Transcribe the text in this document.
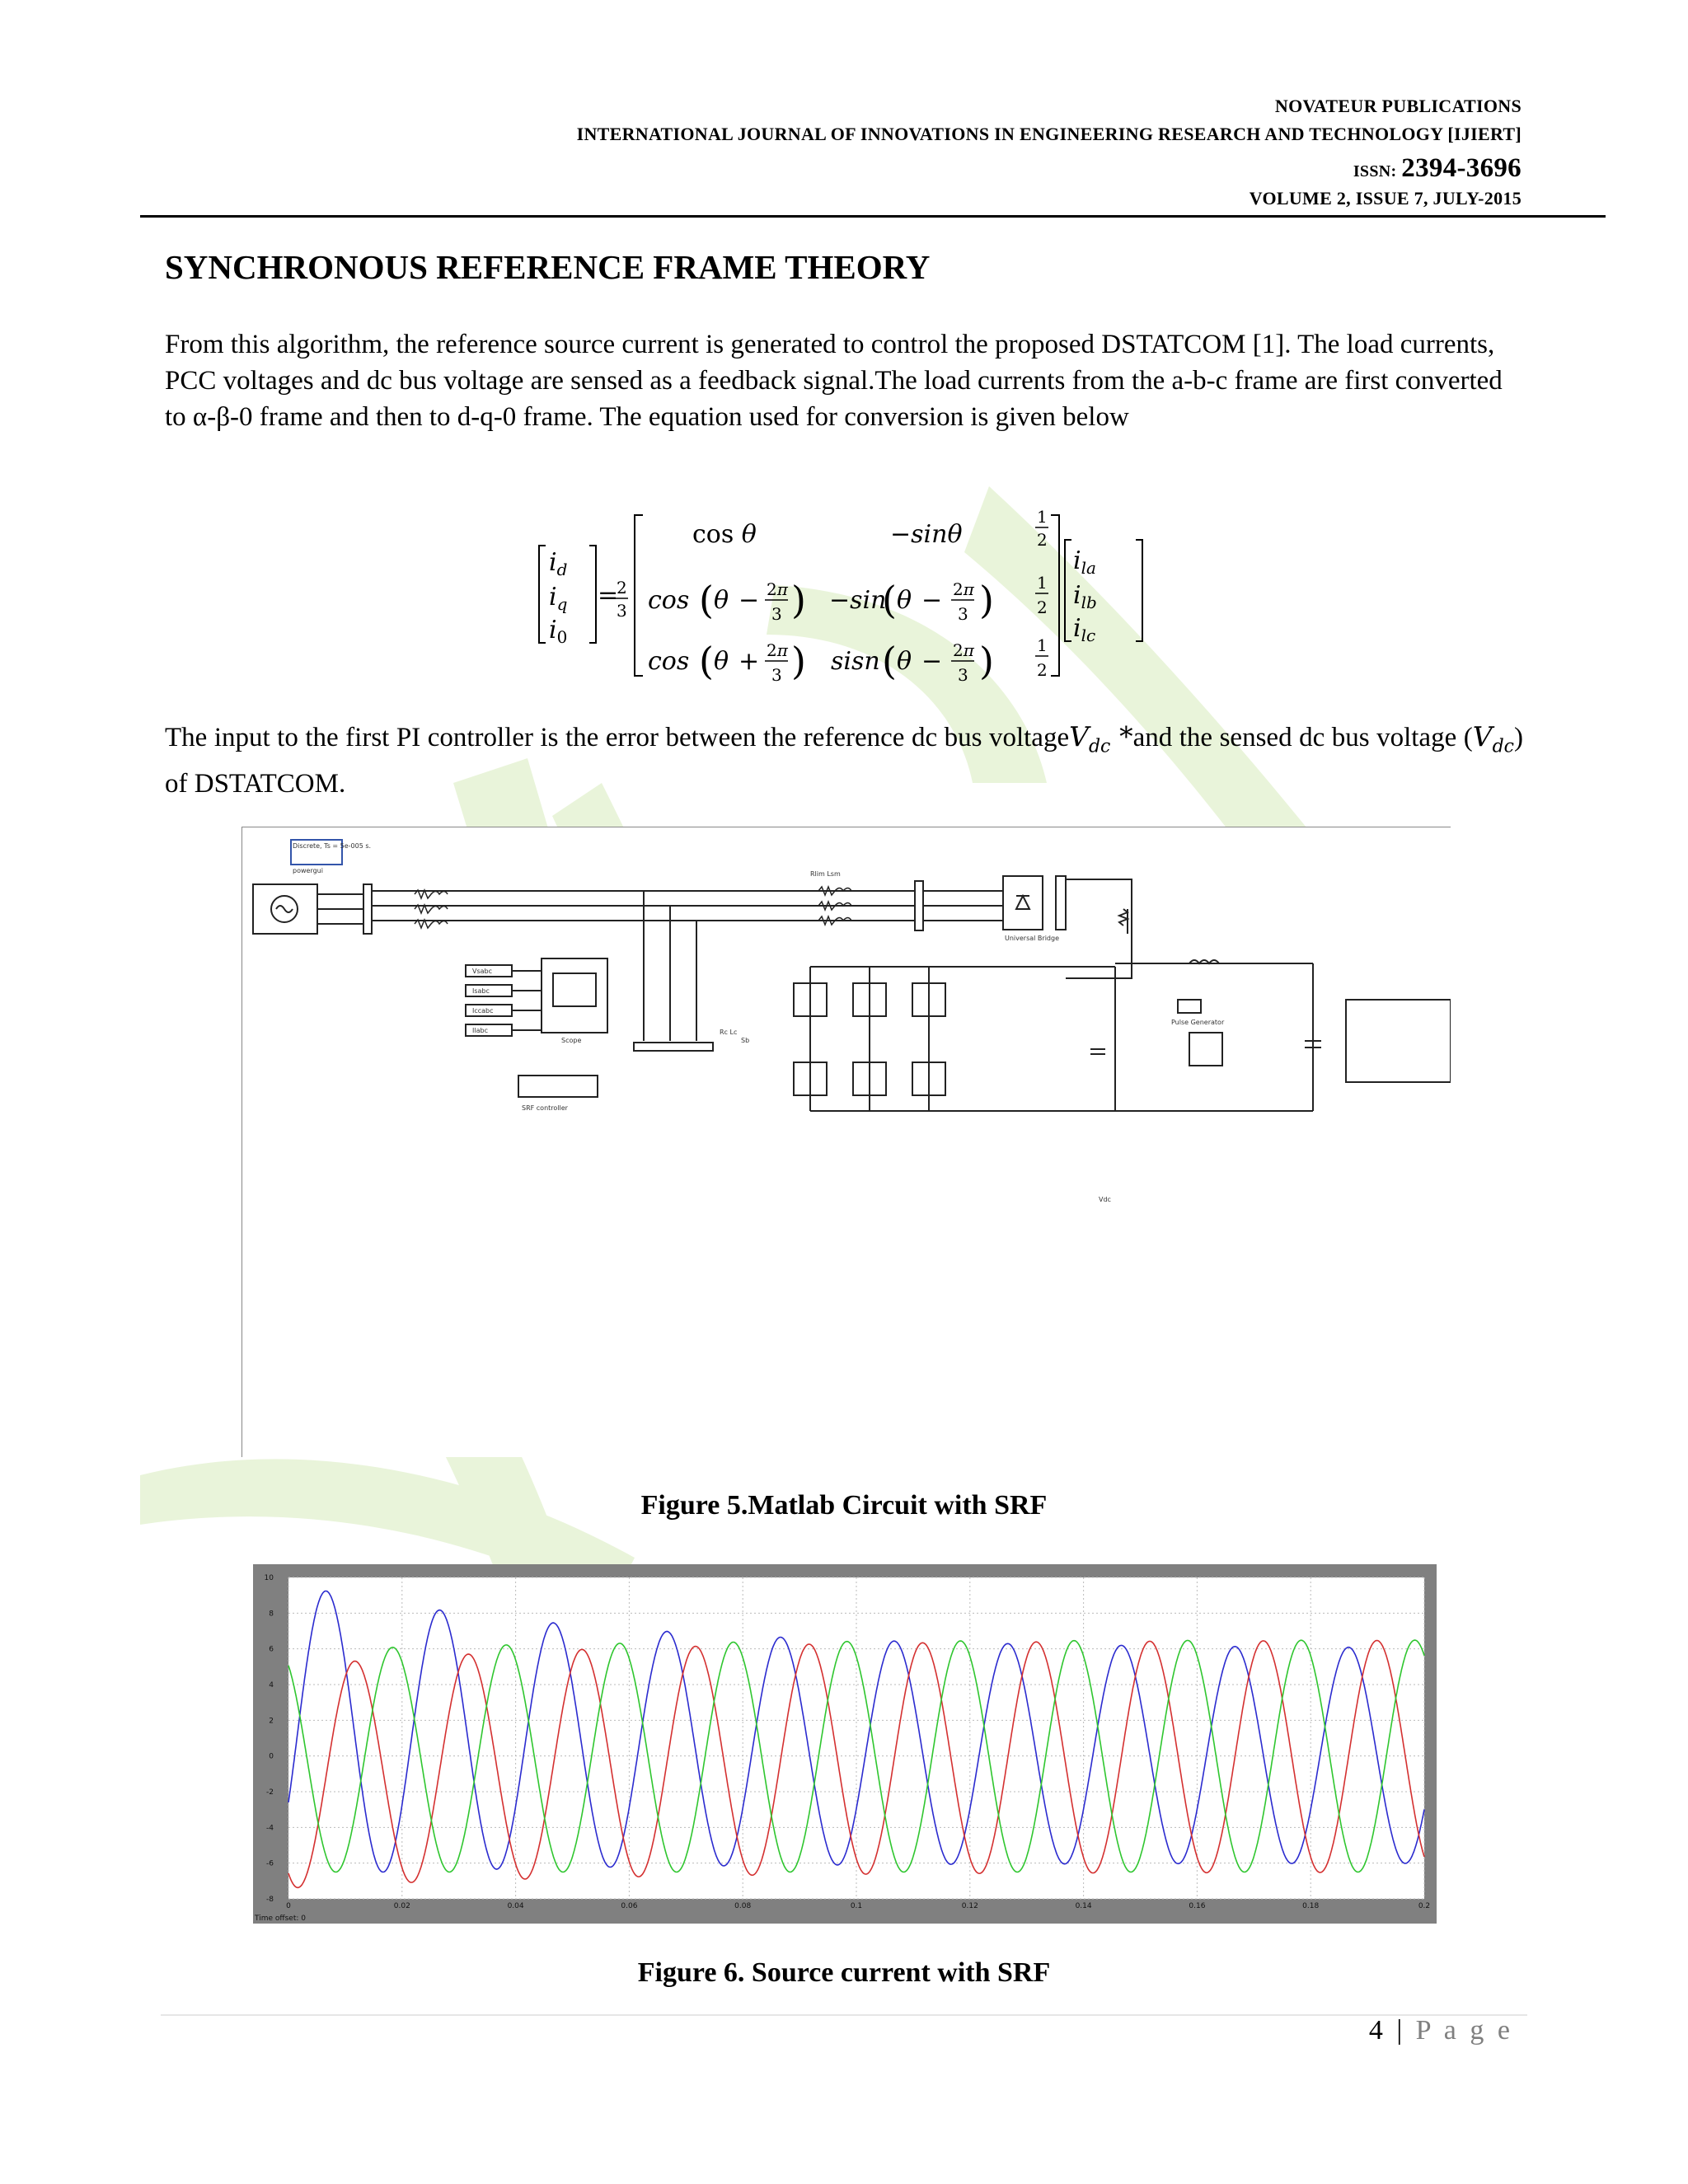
NOVATEUR PUBLICATIONS
INTERNATIONAL JOURNAL OF INNOVATIONS IN ENGINEERING RESEARCH AND TECHNOLOGY [IJIERT]
ISSN: 2394-3696
VOLUME 2, ISSUE 7, JULY-2015
SYNCHRONOUS REFERENCE FRAME THEORY
From this algorithm, the reference source current is generated to control the proposed DSTATCOM [1]. The load currents, PCC voltages and dc bus voltage are sensed as a feedback signal.The load currents from the a-b-c frame are first converted to α-β-0 frame and then to d-q-0 frame. The equation used for conversion is given below
$i_d$
$i_q$
$i_0$
=
2
3
cos θ	−sinθ
cos ( θ − 2π
3 ) −sin
( θ − 2π
3 )
cos ( θ + 2π
3 ) sisn ( θ − 2π
3 )
1
2
1
2
1
2
$i_{la}$
$i_{lb}$
$i_{lc}$
The input to the first PI controller is the error between the reference dc bus voltageV$_{dc}$ *and the sensed dc bus voltage $(V_{dc})$ of DSTATCOM.
Discrete, Ts = 5e-005 s.
powergui	Rlim Lsm
Universal Bridge
Scope
Rc Lc
SRF controller
Pulse Generator
Vdc
Vsabc
Isabc
Iccabc
Ilabc
Sb
Figure 5.Matlab Circuit with SRF
0	0.02	0.04	0.06	0.08	0.1	0.12	0.14	0.16	0.18	0.2
10
8
6
4
2
0
-2
-4
-6
-8
Time offset: 0
Figure 6. Source current with SRF
4 | P a g e
